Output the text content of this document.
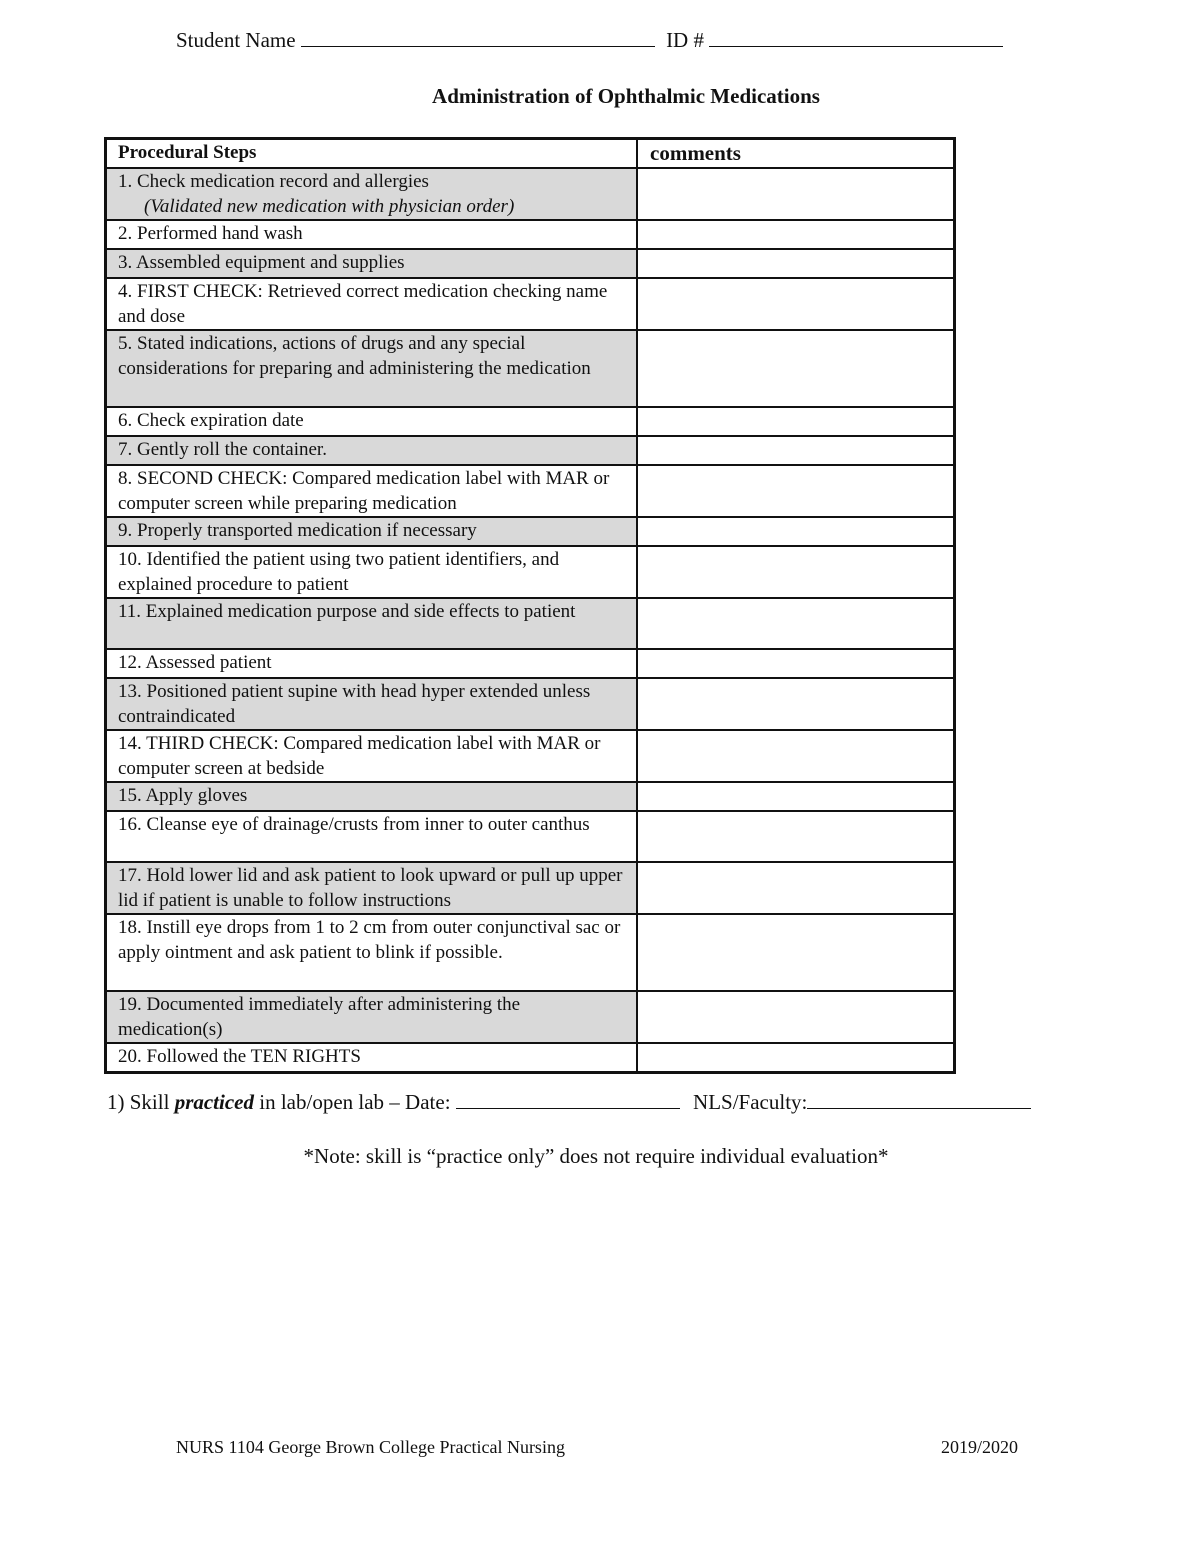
Student Name	ID #
Administration of Ophthalmic Medications
Procedural Steps	comments
1. Check medication record and allergies
(Validated new medication with physician order)	

2. Performed hand wash	
3. Assembled equipment and supplies	
4. FIRST CHECK: Retrieved correct medication checking name and dose	
5. Stated indications, actions of drugs and any special considerations for preparing and administering the medication	
6. Check expiration date	
7. Gently roll the container.	
8. SECOND CHECK: Compared medication label with MAR or computer screen while preparing medication	
9. Properly transported medication if necessary	
10. Identified the patient using two patient identifiers, and explained procedure to patient	
11. Explained medication purpose and side effects to patient	
12. Assessed patient	
13. Positioned patient supine with head hyper extended unless contraindicated	
14. THIRD CHECK: Compared medication label with MAR or computer screen at bedside	
15. Apply gloves	
16. Cleanse eye of drainage/crusts from inner to outer canthus	
17. Hold lower lid and ask patient to look upward or pull up upper lid if patient is unable to follow instructions	
18. Instill eye drops from 1 to 2 cm from outer conjunctival sac or apply ointment and ask patient to blink if possible.	
19. Documented immediately after administering the medication(s)	
20. Followed the TEN RIGHTS	
1) Skill practiced in lab/open lab – Date:	NLS/Faculty:
*Note: skill is “practice only” does not require individual evaluation*
NURS 1104 George Brown College Practical Nursing	2019/2020
